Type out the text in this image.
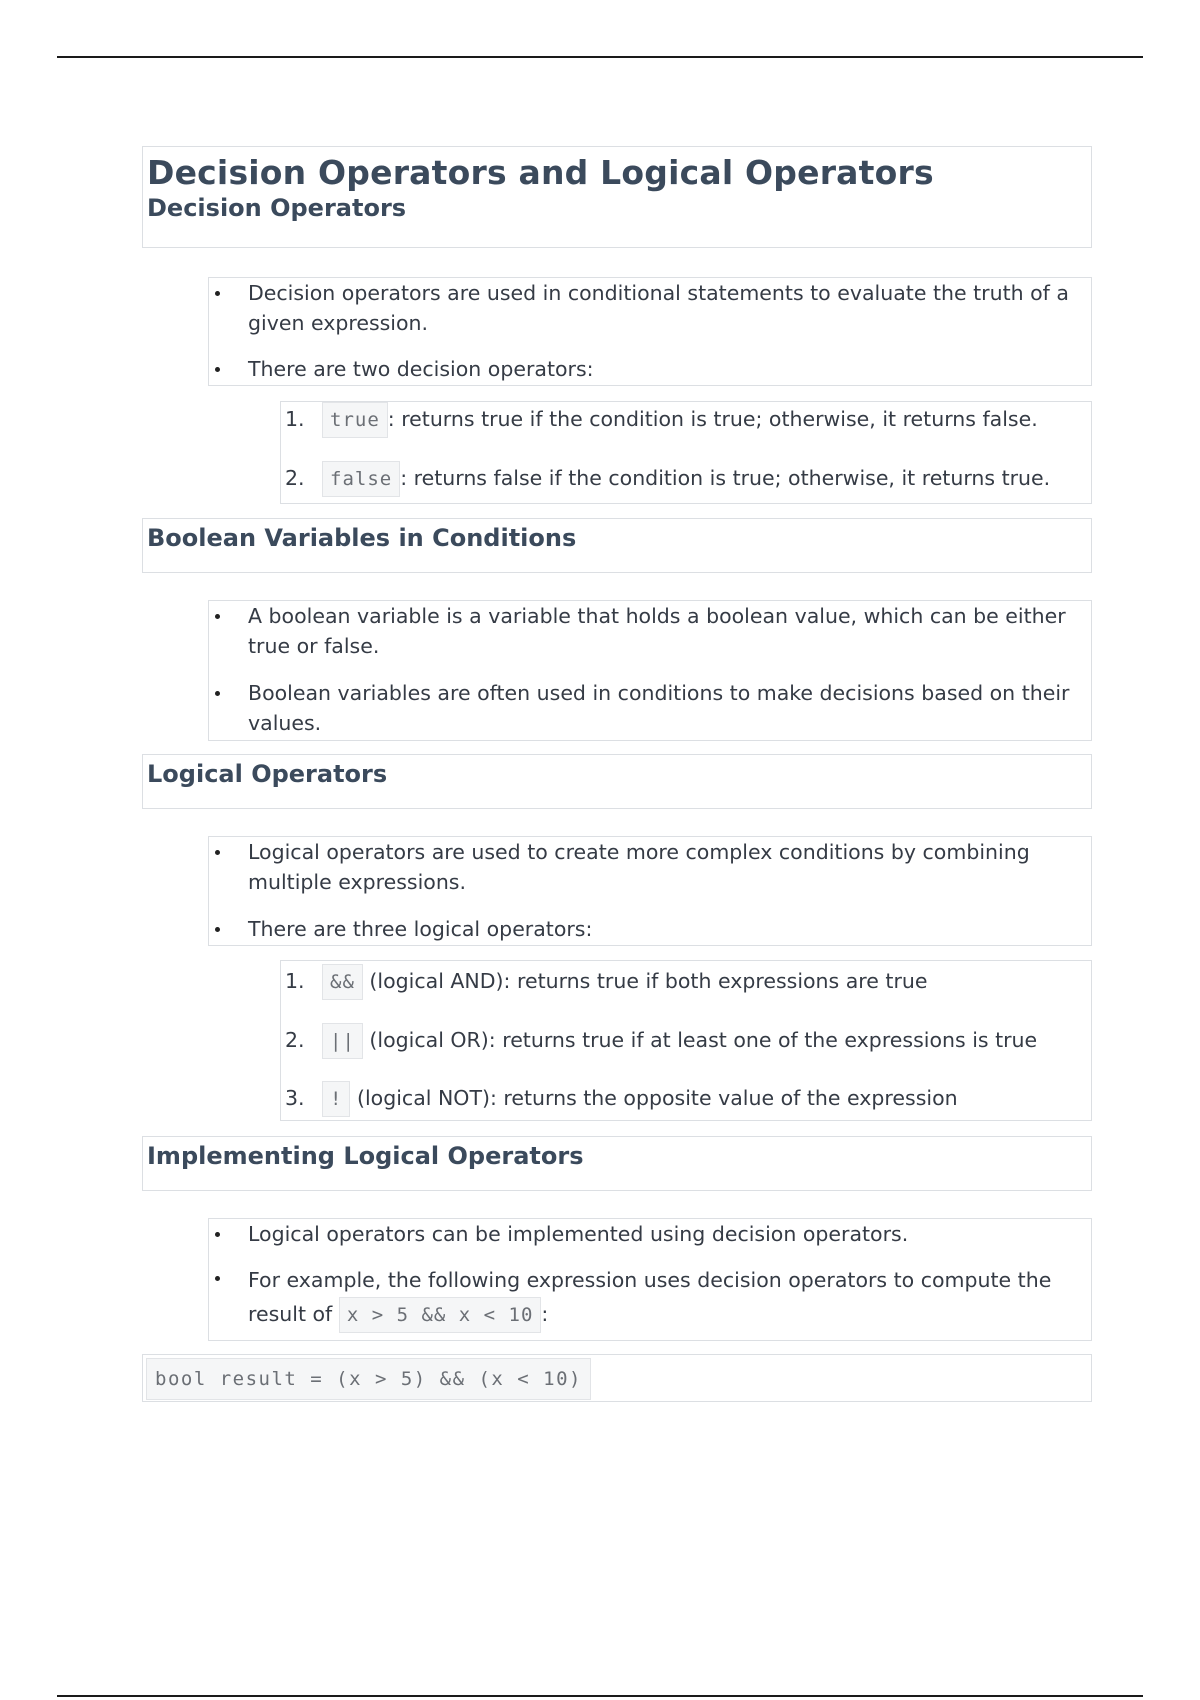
Decision Operators and Logical Operators
Decision Operators
Decision operators are used in conditional statements to evaluate the truth of a given expression.
There are two decision operators:
1. true : returns true if the condition is true; otherwise, it returns false.
2. false : returns false if the condition is true; otherwise, it returns true.
Boolean Variables in Conditions
A boolean variable is a variable that holds a boolean value, which can be either true or false.
Boolean variables are often used in conditions to make decisions based on their values.
Logical Operators
Logical operators are used to create more complex conditions by combining multiple expressions.
There are three logical operators:
1. && (logical AND): returns true if both expressions are true
2. || (logical OR): returns true if at least one of the expressions is true
3. ! (logical NOT): returns the opposite value of the expression
Implementing Logical Operators
Logical operators can be implemented using decision operators.
For example, the following expression uses decision operators to compute the result of x > 5 && x < 10 :
bool result = (x > 5) && (x < 10)
